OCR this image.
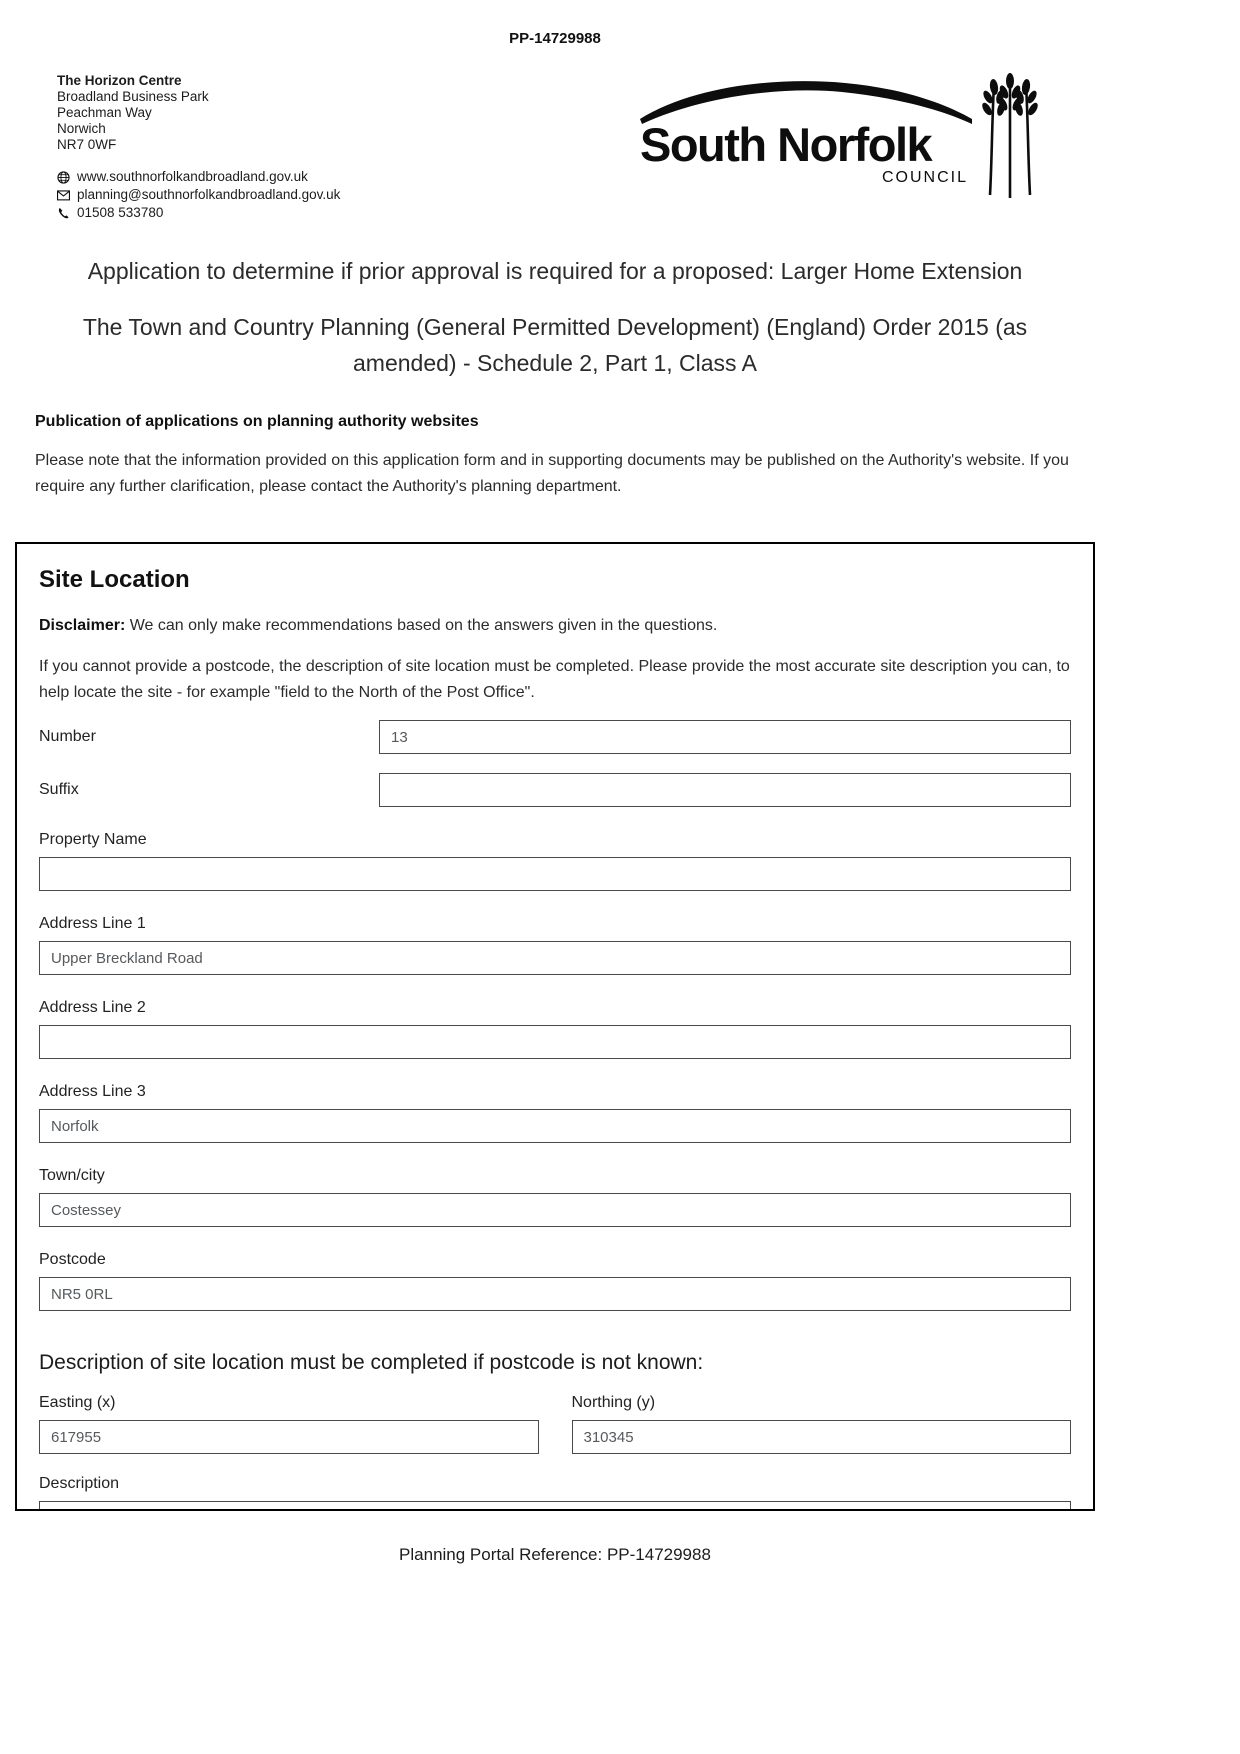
PP-14729988
The Horizon Centre
Broadland Business Park
Peachman Way
Norwich
NR7 0WF
www.southnorfolkandbroadland.gov.uk
planning@southnorfolkandbroadland.gov.uk
01508 533780
South Norfolk
COUNCIL
Application to determine if prior approval is required for a proposed: Larger Home Extension
The Town and Country Planning (General Permitted Development) (England) Order 2015 (as amended) - Schedule 2, Part 1, Class A
Publication of applications on planning authority websites
Please note that the information provided on this application form and in supporting documents may be published on the Authority's website. If you require any further clarification, please contact the Authority's planning department.
Site Location
Disclaimer: We can only make recommendations based on the answers given in the questions.
If you cannot provide a postcode, the description of site location must be completed. Please provide the most accurate site description you can, to help locate the site - for example "field to the North of the Post Office".
Number
13
Suffix
Property Name
Address Line 1
Upper Breckland Road
Address Line 2
Address Line 3
Norfolk
Town/city
Costessey
Postcode
NR5 0RL
Description of site location must be completed if postcode is not known:
Easting (x)
617955	Northing (y)
310345
Description
Planning Portal Reference: PP-14729988
